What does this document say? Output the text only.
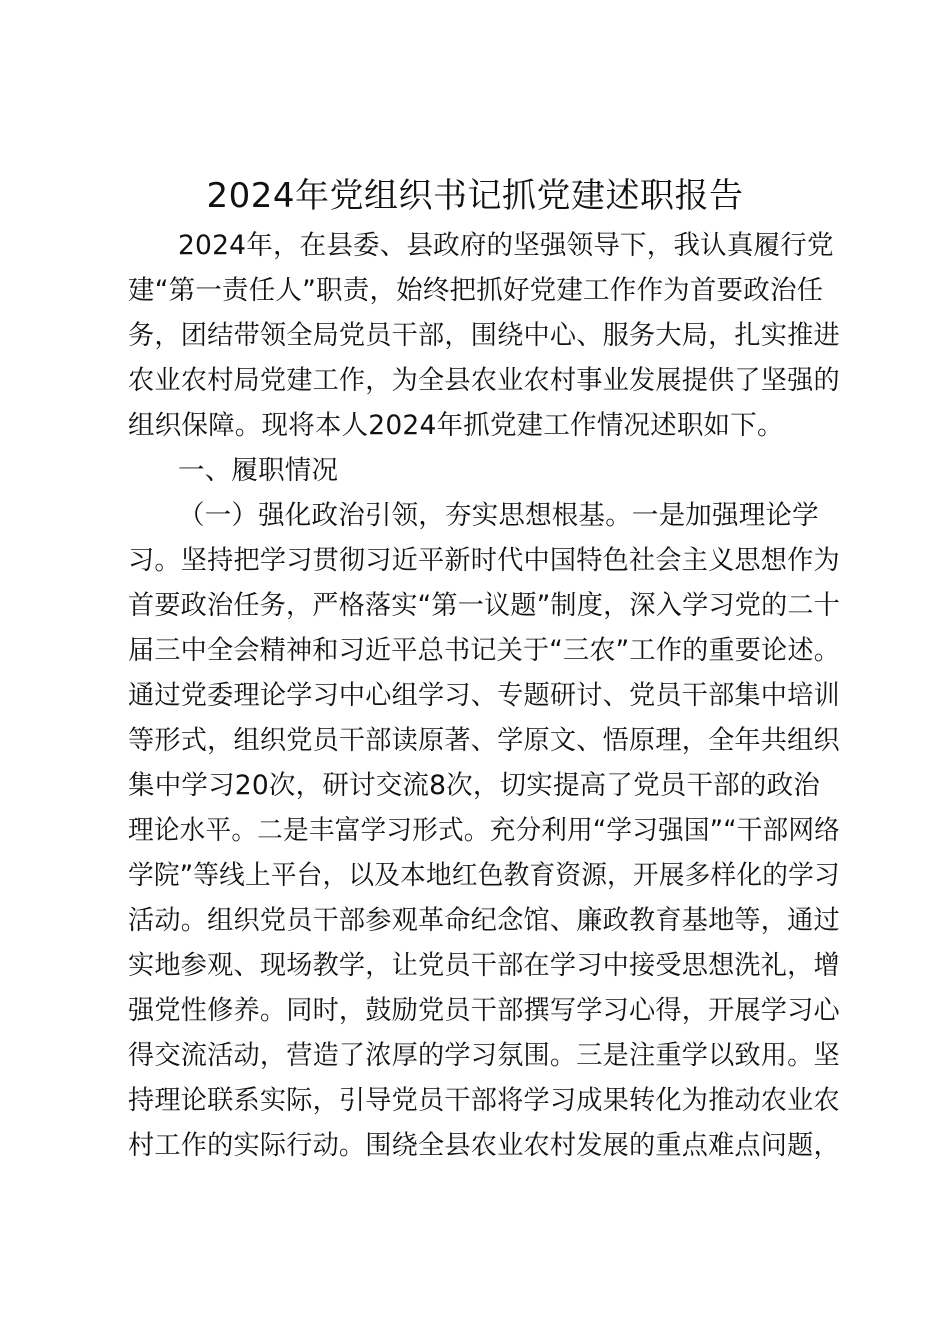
2024年党组织书记抓党建述职报告
2024年，在县委、县政府的坚强领导下，我认真履行党
建“第一责任人”职责，始终把抓好党建工作作为首要政治任
务，团结带领全局党员干部，围绕中心、服务大局，扎实推进
农业农村局党建工作，为全县农业农村事业发展提供了坚强的
组织保障。现将本人2024年抓党建工作情况述职如下。
一、履职情况
（一）强化政治引领，夯实思想根基。一是加强理论学
习。坚持把学习贯彻习近平新时代中国特色社会主义思想作为
首要政治任务，严格落实“第一议题”制度，深入学习党的二十
届三中全会精神和习近平总书记关于“三农”工作的重要论述。
通过党委理论学习中心组学习、专题研讨、党员干部集中培训
等形式，组织党员干部读原著、学原文、悟原理，全年共组织
集中学习20次，研讨交流8次，切实提高了党员干部的政治
理论水平。二是丰富学习形式。充分利用“学习强国”“干部网络
学院”等线上平台，以及本地红色教育资源，开展多样化的学习
活动。组织党员干部参观革命纪念馆、廉政教育基地等，通过
实地参观、现场教学，让党员干部在学习中接受思想洗礼，增
强党性修养。同时，鼓励党员干部撰写学习心得，开展学习心
得交流活动，营造了浓厚的学习氛围。三是注重学以致用。坚
持理论联系实际，引导党员干部将学习成果转化为推动农业农
村工作的实际行动。围绕全县农业农村发展的重点难点问题，
